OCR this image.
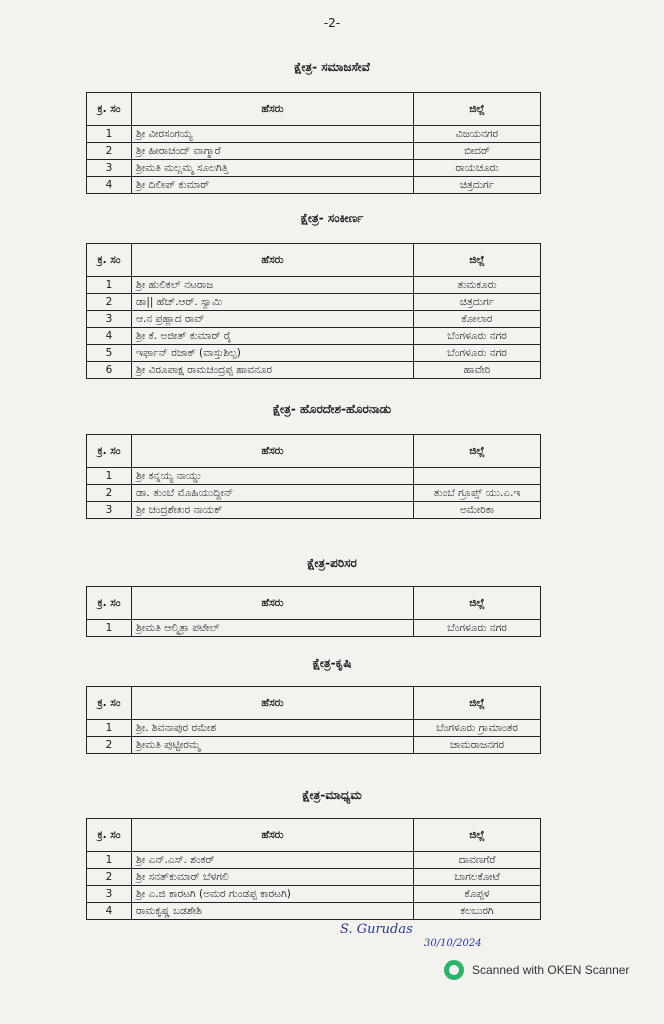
-2-
ಕ್ಷೇತ್ರ- ಸಮಾಜಸೇವೆ
ಕ್ರ. ಸಂ	ಹೆಸರು	ಜಿಲ್ಲೆ
1	ಶ್ರೀ ವೀರಸಂಗಯ್ಯ	ವಿಜಯನಗರ
2	ಶ್ರೀ ಹೀರಾಚಂದ್ ವಾಗ್ಮಾರೆ	ಬೀದರ್
3	ಶ್ರೀಮತಿ ಮಲ್ಲಮ್ಮ ಸೂಲಗಿತ್ತಿ	ರಾಯಚೂರು
4	ಶ್ರೀ ದಿಲೀಪ್ ಕುಮಾರ್	ಚಿತ್ರದುರ್ಗ
ಕ್ಷೇತ್ರ- ಸಂಕೀರ್ಣ
ಕ್ರ. ಸಂ	ಹೆಸರು	ಜಿಲ್ಲೆ
1	ಶ್ರೀ ಹುಲಿಕಲ್ ನಟರಾಜ	ತುಮಕೂರು
2	ಡಾ|| ಹೆಚ್.ಆರ್. ಸ್ವಾಮಿ	ಚಿತ್ರದುರ್ಗ
3	ಆ.ನ ಪ್ರಹ್ಲಾದ ರಾವ್	ಕೋಲಾರ
4	ಶ್ರೀ ಕೆ. ಅಜೀತ್ ಕುಮಾರ್ ರೈ	ಬೆಂಗಳೂರು ನಗರ
5	ಇರ್ಫಾನ್ ರಜಾಕ್ (ವಾಸ್ತುಶಿಲ್ಪ)	ಬೆಂಗಳೂರು ನಗರ
6	ಶ್ರೀ ವಿರೂಪಾಕ್ಷ ರಾಮಚಂದ್ರಪ್ಪ ಹಾವನೂರ	ಹಾವೇರಿ
ಕ್ಷೇತ್ರ- ಹೊರದೇಶ-ಹೊರನಾಡು
ಕ್ರ. ಸಂ	ಹೆಸರು	ಜಿಲ್ಲೆ
1	ಶ್ರೀ ಕನ್ನಯ್ಯ ನಾಯ್ಡು	
2	ಡಾ. ತುಂಬೆ ಮೊಹಿಯುದ್ದೀನ್	ತುಂಬೆ ಗ್ರೂಪ್ಸ್ ಯು.ಎ.ಇ
3	ಶ್ರೀ ಚಂದ್ರಶೇಖರ ನಾಯಕ್	ಅಮೇರಿಕಾ
ಕ್ಷೇತ್ರ-ಪರಿಸರ
ಕ್ರ. ಸಂ	ಹೆಸರು	ಜಿಲ್ಲೆ
1	ಶ್ರೀಮತಿ ಆಲ್ಮಿತ್ರಾ ಪಟೇಲ್	ಬೆಂಗಳೂರು ನಗರ
ಕ್ಷೇತ್ರ-ಕೃಷಿ
ಕ್ರ. ಸಂ	ಹೆಸರು	ಜಿಲ್ಲೆ
1	ಶ್ರೀ. ಶಿವನಾಪುರ ರಮೇಶ	ಬೆಂಗಳೂರು ಗ್ರಾಮಾಂತರ
2	ಶ್ರೀಮತಿ ಪುಟ್ಟೀರಮ್ಮ	ಚಾಮರಾಜನಗರ
ಕ್ಷೇತ್ರ-ಮಾಧ್ಯಮ
ಕ್ರ. ಸಂ	ಹೆಸರು	ಜಿಲ್ಲೆ
1	ಶ್ರೀ ಎನ್.ಎಸ್. ಶಂಕರ್	ದಾವಣಗೆರೆ
2	ಶ್ರೀ ಸನತ್‌ಕುಮಾರ್ ಬೆಳಗಲಿ	ಬಾಗಲಕೋಟೆ
3	ಶ್ರೀ ಎ.ಜಿ ಕಾರಟಗಿ (ಅಮರ ಗುಂಡಪ್ಪ ಕಾರಟಗಿ)	ಕೊಪ್ಪಳ
4	ರಾಮಕೃಷ್ಣ ಬಡಶೇಶಿ	ಕಲಬುರಗಿ
S. Gurudas
30/10/2024
Scanned with OKEN Scanner
